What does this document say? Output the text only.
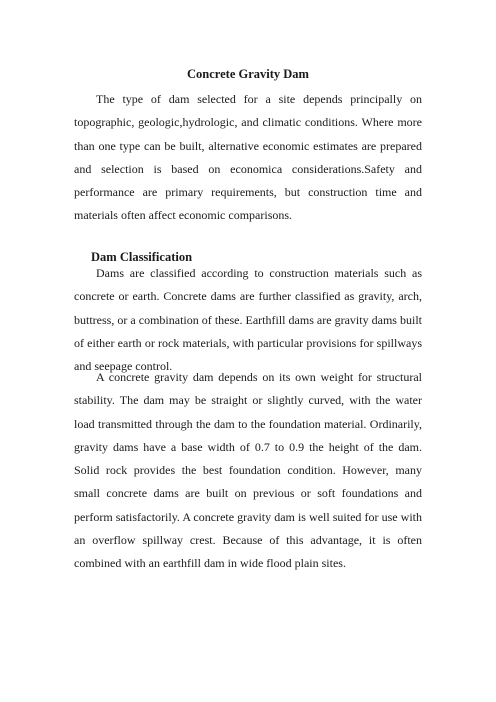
Concrete Gravity Dam

The type of dam selected for a site depends principally on topographic, geologic,hydrologic, and climatic conditions. Where more than one type can be built, alternative economic estimates are prepared and selection is based on economica considerations.Safety and performance are primary requirements, but construction time and materials often affect economic comparisons.

Dam Classification

Dams are classified according to construction materials such as concrete or earth. Concrete dams are further classified as gravity, arch, buttress, or a combination of these. Earthfill dams are gravity dams built of either earth or rock materials, with particular provisions for spillways and seepage control.

A concrete gravity dam depends on its own weight for structural stability. The dam may be straight or slightly curved, with the water load transmitted through the dam to the foundation material. Ordinarily, gravity dams have a base width of 0.7 to 0.9 the height of the dam. Solid rock provides the best foundation condition. However, many small concrete dams are built on previous or soft foundations and perform satisfactorily. A concrete gravity dam is well suited for use with an overflow spillway crest. Because of this advantage, it is often combined with an earthfill dam in wide flood plain sites.
